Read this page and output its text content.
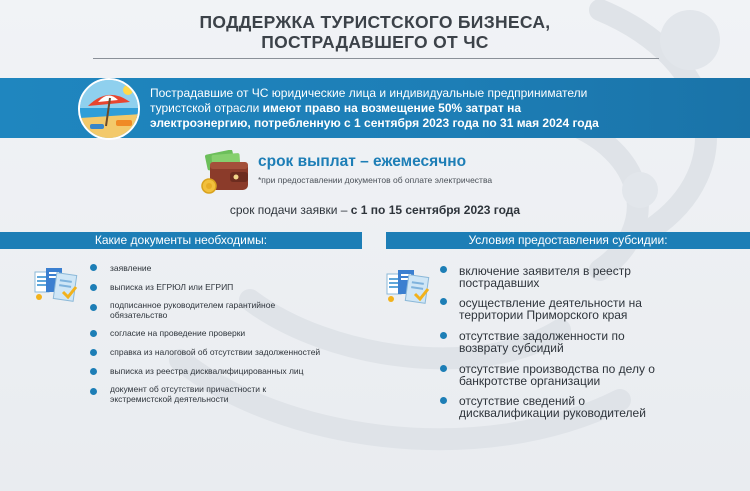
ПОДДЕРЖКА ТУРИСТСКОГО БИЗНЕСА,
ПОСТРАДАВШЕГО ОТ ЧС
Пострадавшие от ЧС юридические лица и индивидуальные предприниматели
туристской отрасли имеют право на возмещение 50% затрат на
электроэнергию, потребленную с 1 сентября 2023 года по 31 мая 2024 года
срок выплат – ежемесячно
*при предоставлении документов об оплате электричества
срок подачи заявки – с 1 по 15 сентября 2023 года
Какие документы необходимы:	Условия предоставления субсидии:
заявление
выписка из ЕГРЮЛ или ЕГРИП
подписанное руководителем гарантийное
обязательство
согласие на проведение проверки
справка из налоговой об отсутствии задолженностей
выписка из реестра дисквалифицированных лиц
документ об отсутствии причастности к
экстремистской деятельности
включение заявителя в реестр
пострадавших
осуществление деятельности на
территории Приморского края
отсутствие задолженности по
возврату субсидий
отсутствие производства по делу о
банкротстве организации
отсутствие сведений о
дисквалификации руководителей
